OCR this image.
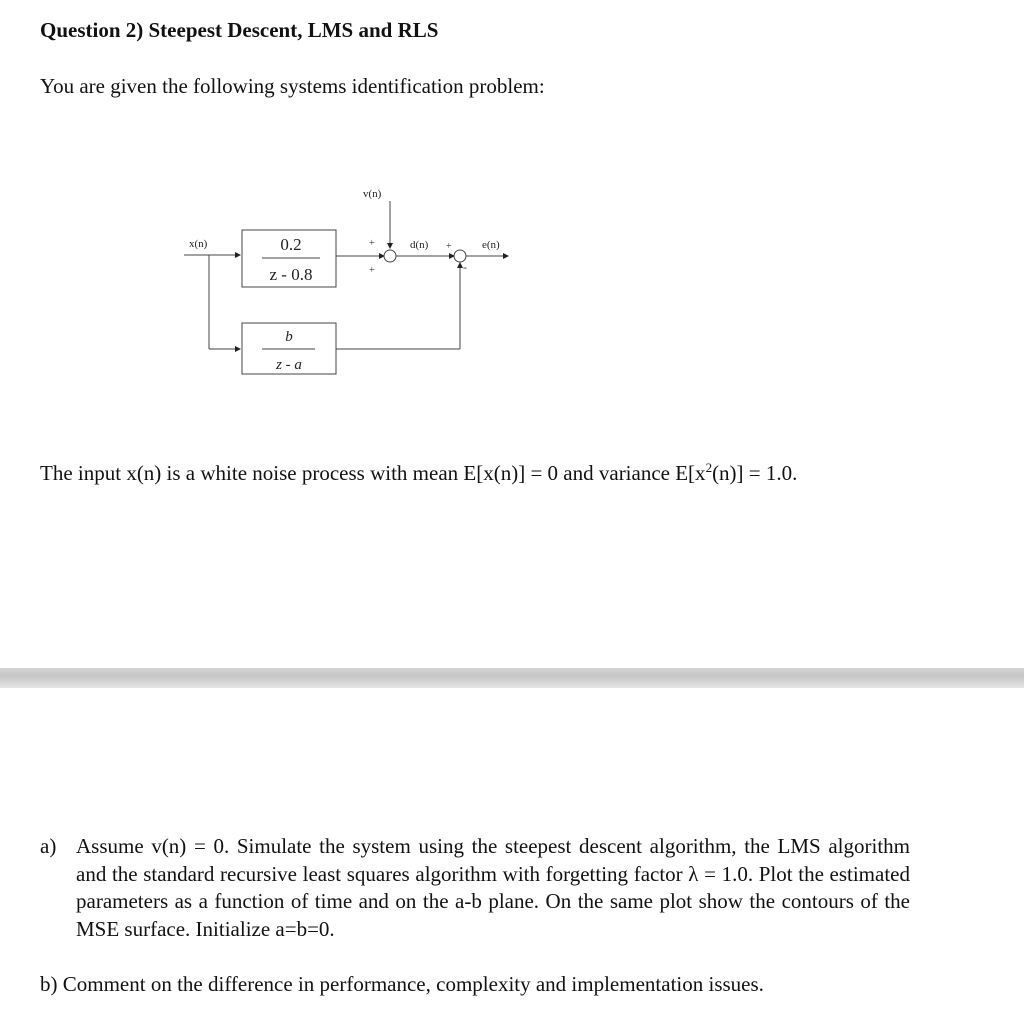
Question 2) Steepest Descent, LMS and RLS
You are given the following systems identification problem:
x(n)
v(n)
d(n)	e(n)
0.2
z - 0.8
b
z - a
+
+
+
-
The input x(n) is a white noise process with mean E[x(n)] = 0 and variance $E[x^2(n)] = 1.0$.
a) Assume v(n) = 0. Simulate the system using the steepest descent algorithm, the LMS algorithm and the standard recursive least squares algorithm with forgetting factor λ = 1.0. Plot the estimated parameters as a function of time and on the a-b plane. On the same plot show the contours of the MSE surface. Initialize a=b=0.
b) Comment on the difference in performance, complexity and implementation issues.
